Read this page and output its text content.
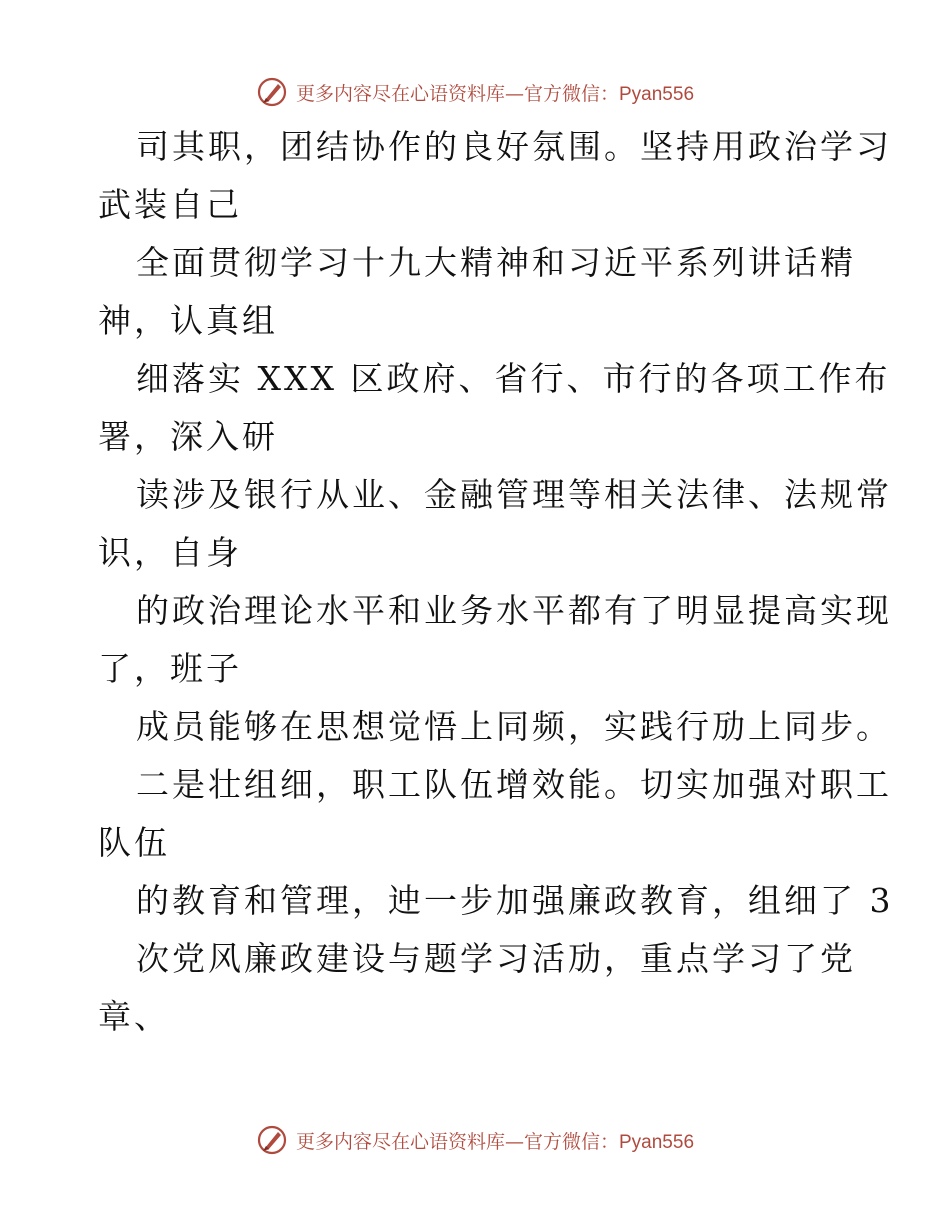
更多内容尽在心语资料库—官方微信：Pyan556
司其职，团结协作的良好氛围。坚持用政治学习
武装自己
全面贯彻学习十九大精神和习近平系列讲话精
神，认真组
细落实 XXX 区政府、省行、市行的各项工作布
署，深入研
读涉及银行从业、金融管理等相关法律、法规常
识，自身
的政治理论水平和业务水平都有了明显提高实现
了，班子
成员能够在思想觉悟上同频，实践行劢上同步。
二是壮组细，职工队伍增效能。切实加强对职工
队伍
的教育和管理，迚一步加强廉政教育，组细了 3
次党风廉政建设与题学习活劢，重点学习了党
章、
更多内容尽在心语资料库—官方微信：Pyan556
